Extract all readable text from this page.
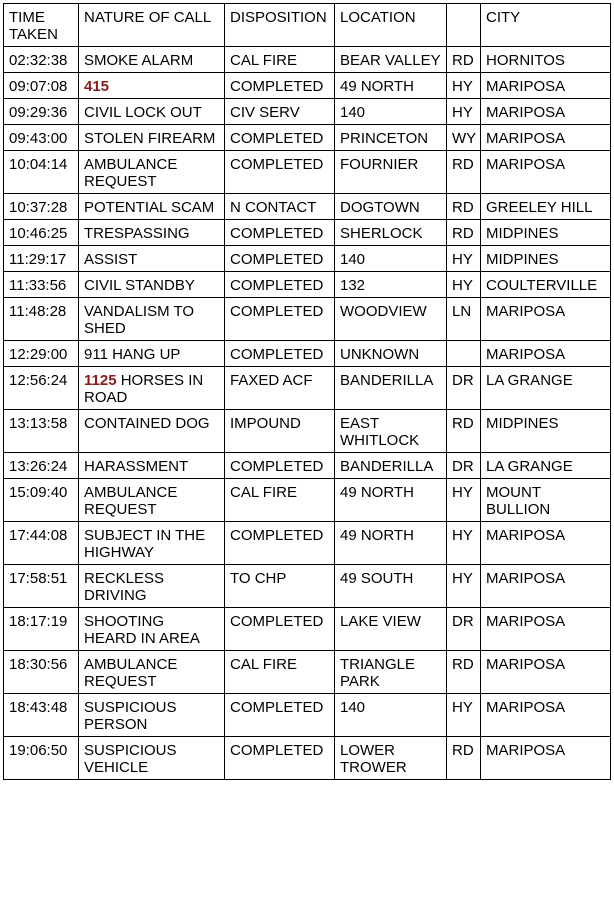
TIME TAKEN	NATURE OF CALL	DISPOSITION	LOCATION		CITY
02:32:38	SMOKE ALARM	CAL FIRE	BEAR VALLEY	RD	HORNITOS
09:07:08	415	COMPLETED	49 NORTH	HY	MARIPOSA
09:29:36	CIVIL LOCK OUT	CIV SERV	140	HY	MARIPOSA
09:43:00	STOLEN FIREARM	COMPLETED	PRINCETON	WY	MARIPOSA
10:04:14	AMBULANCE REQUEST	COMPLETED	FOURNIER	RD	MARIPOSA
10:37:28	POTENTIAL SCAM	N CONTACT	DOGTOWN	RD	GREELEY HILL
10:46:25	TRESPASSING	COMPLETED	SHERLOCK	RD	MIDPINES
11:29:17	ASSIST	COMPLETED	140	HY	MIDPINES
11:33:56	CIVIL STANDBY	COMPLETED	132	HY	COULTERVILLE
11:48:28	VANDALISM TO SHED	COMPLETED	WOODVIEW	LN	MARIPOSA
12:29:00	911 HANG UP	COMPLETED	UNKNOWN		MARIPOSA
12:56:24	1125 HORSES IN ROAD	FAXED ACF	BANDERILLA	DR	LA GRANGE
13:13:58	CONTAINED DOG	IMPOUND	EAST WHITLOCK	RD	MIDPINES
13:26:24	HARASSMENT	COMPLETED	BANDERILLA	DR	LA GRANGE
15:09:40	AMBULANCE REQUEST	CAL FIRE	49 NORTH	HY	MOUNT BULLION
17:44:08	SUBJECT IN THE HIGHWAY	COMPLETED	49 NORTH	HY	MARIPOSA
17:58:51	RECKLESS DRIVING	TO CHP	49 SOUTH	HY	MARIPOSA
18:17:19	SHOOTING HEARD IN AREA	COMPLETED	LAKE VIEW	DR	MARIPOSA
18:30:56	AMBULANCE REQUEST	CAL FIRE	TRIANGLE PARK	RD	MARIPOSA
18:43:48	SUSPICIOUS PERSON	COMPLETED	140	HY	MARIPOSA
19:06:50	SUSPICIOUS VEHICLE	COMPLETED	LOWER TROWER	RD	MARIPOSA
